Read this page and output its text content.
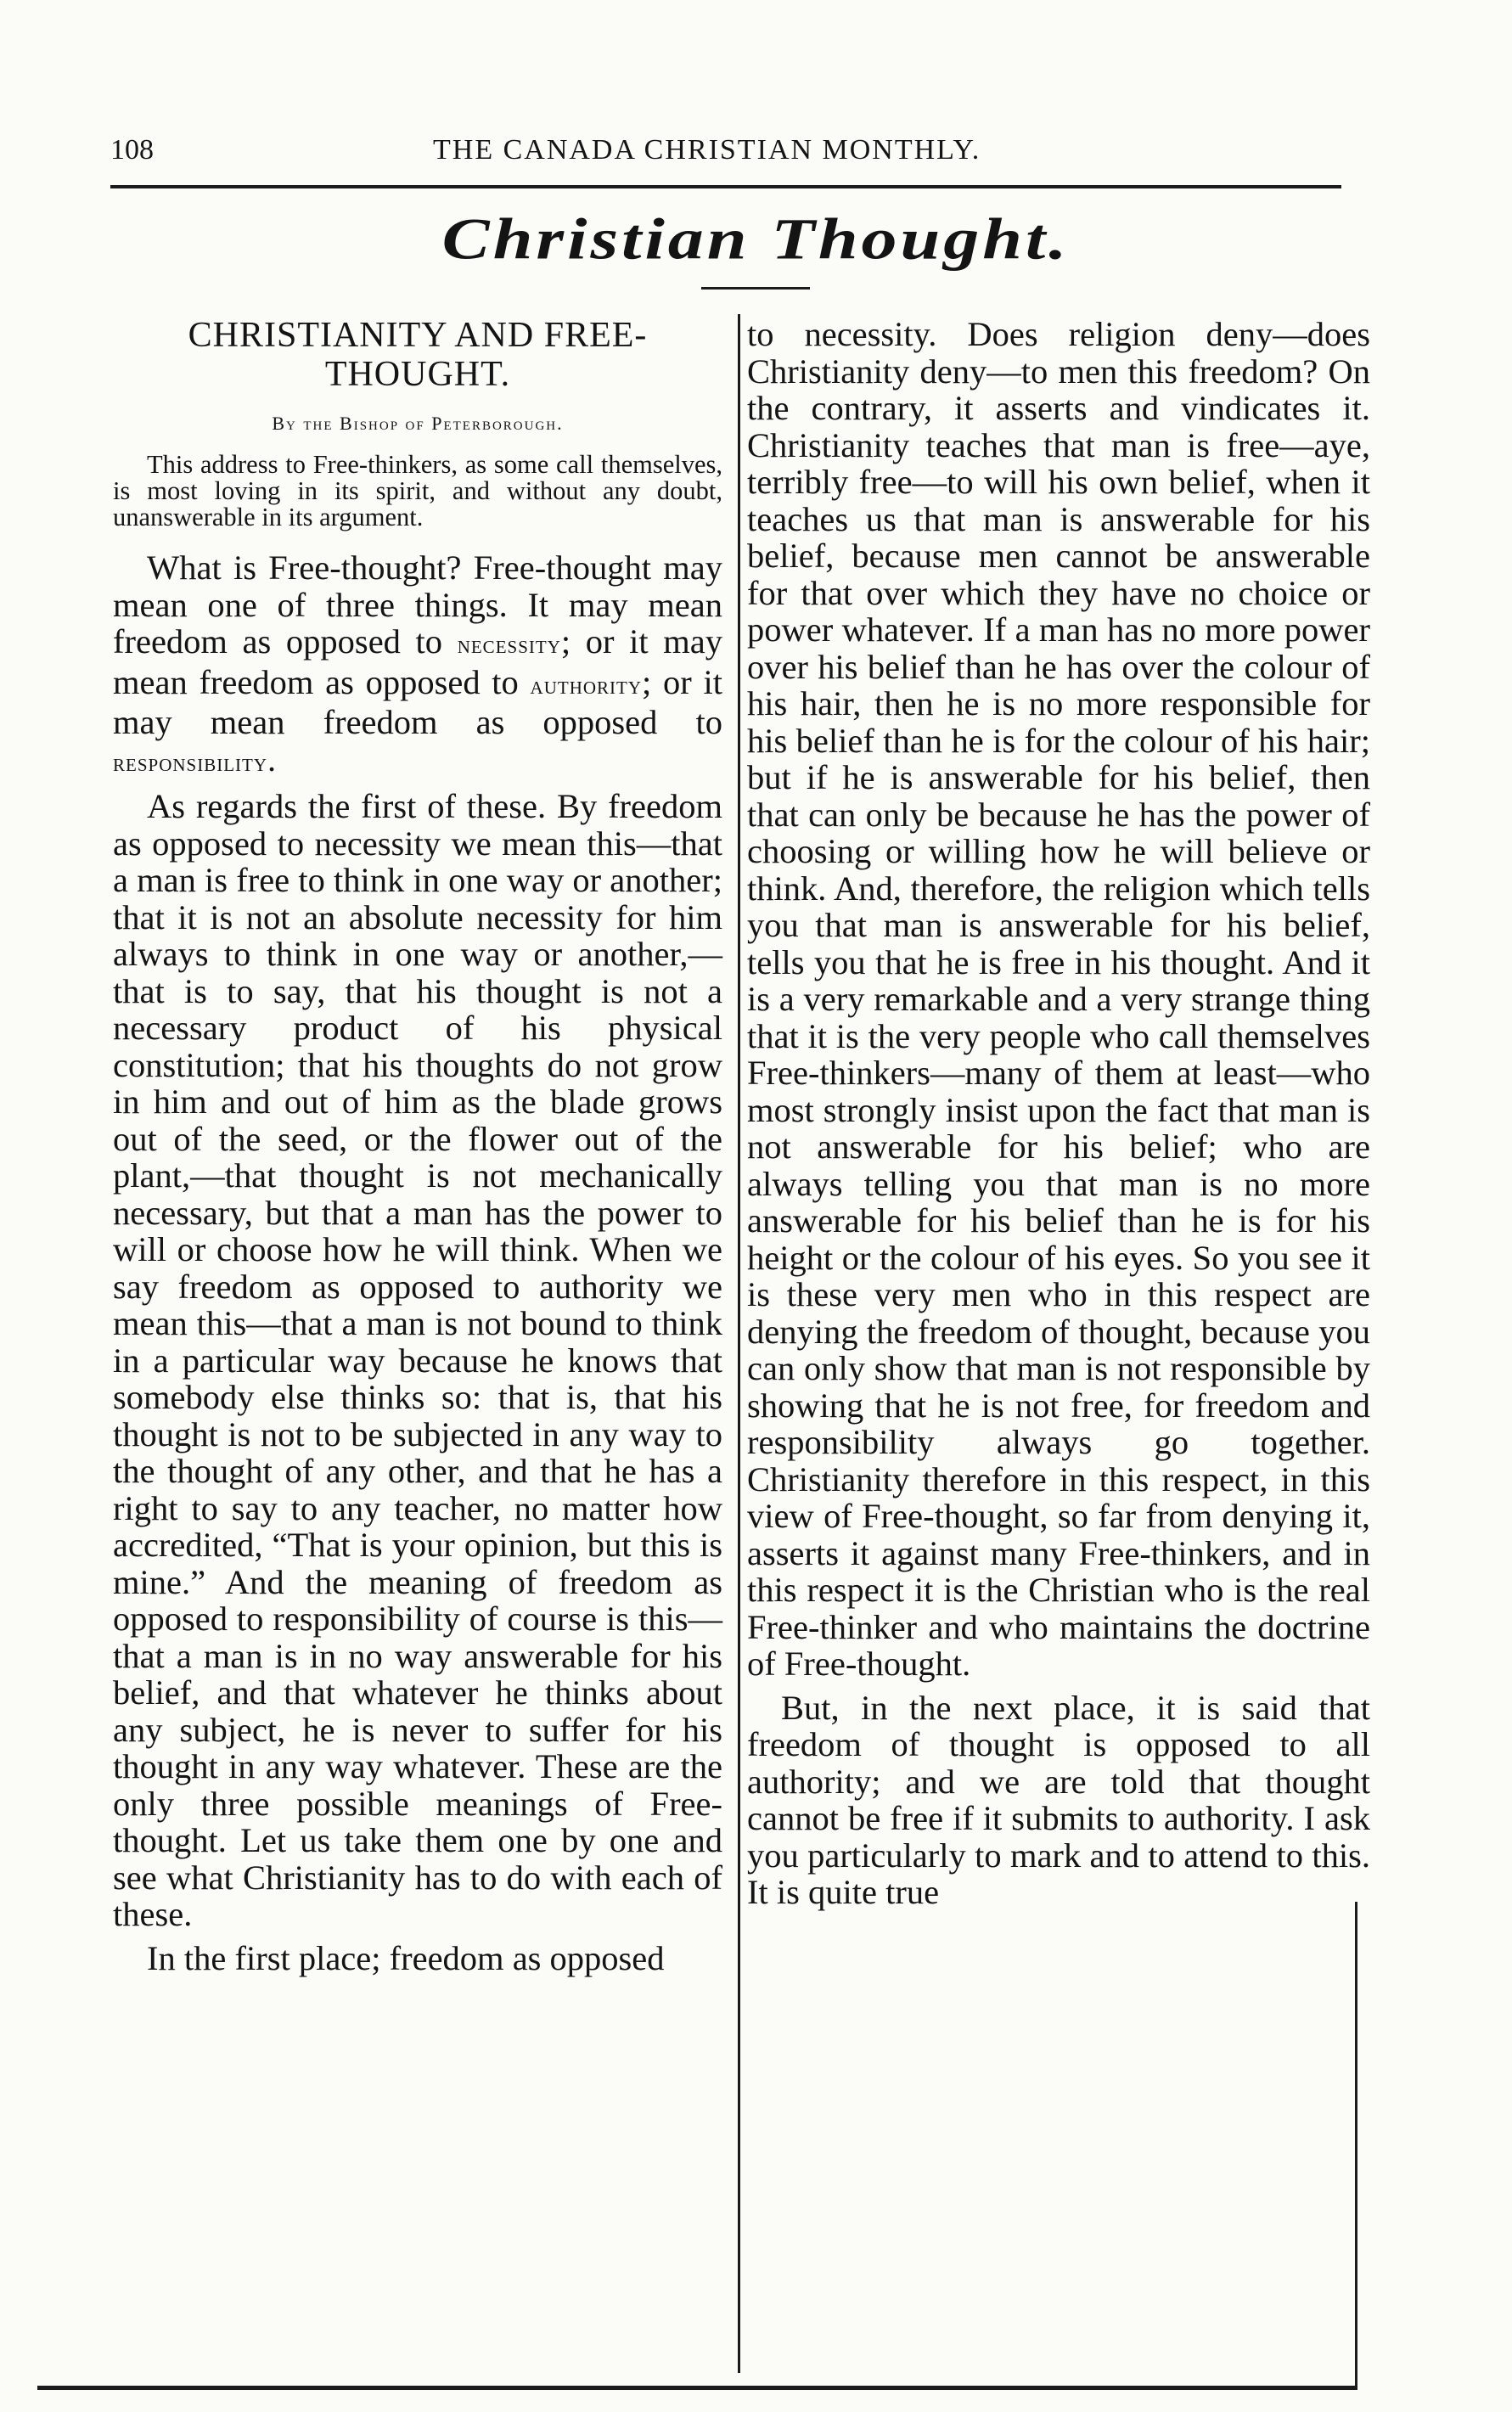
108	THE CANADA CHRISTIAN MONTHLY.
Christian Thought.
CHRISTIANITY AND FREE-THOUGHT.
By the Bishop of Peterborough.

This address to Free-thinkers, as some call themselves, is most loving in its spirit, and without any doubt, unanswerable in its argument.

What is Free-thought? Free-thought may mean one of three things. It may mean freedom as opposed to necessity; or it may mean freedom as opposed to authority; or it may mean freedom as opposed to responsibility.

As regards the first of these. By freedom as opposed to necessity we mean this—that a man is free to think in one way or another; that it is not an absolute necessity for him always to think in one way or another,—that is to say, that his thought is not a necessary product of his physical constitution; that his thoughts do not grow in him and out of him as the blade grows out of the seed, or the flower out of the plant,—that thought is not mechanically necessary, but that a man has the power to will or choose how he will think. When we say freedom as opposed to authority we mean this—that a man is not bound to think in a particular way because he knows that somebody else thinks so: that is, that his thought is not to be subjected in any way to the thought of any other, and that he has a right to say to any teacher, no matter how accredited, “That is your opinion, but this is mine.” And the meaning of freedom as opposed to responsibility of course is this—that a man is in no way answerable for his belief, and that whatever he thinks about any subject, he is never to suffer for his thought in any way whatever. These are the only three possible meanings of Free-thought. Let us take them one by one and see what Christianity has to do with each of these.

In the first place; freedom as opposed

to necessity. Does religion deny—does Christianity deny—to men this freedom? On the contrary, it asserts and vindicates it. Christianity teaches that man is free—aye, terribly free—to will his own belief, when it teaches us that man is answerable for his belief, because men cannot be answerable for that over which they have no choice or power whatever. If a man has no more power over his belief than he has over the colour of his hair, then he is no more responsible for his belief than he is for the colour of his hair; but if he is answerable for his belief, then that can only be because he has the power of choosing or willing how he will believe or think. And, therefore, the religion which tells you that man is answerable for his belief, tells you that he is free in his thought. And it is a very remarkable and a very strange thing that it is the very people who call themselves Free-thinkers—many of them at least—who most strongly insist upon the fact that man is not answerable for his belief; who are always telling you that man is no more answerable for his belief than he is for his height or the colour of his eyes. So you see it is these very men who in this respect are denying the freedom of thought, because you can only show that man is not responsible by showing that he is not free, for freedom and responsibility always go together. Christianity therefore in this respect, in this view of Free-thought, so far from denying it, asserts it against many Free-thinkers, and in this respect it is the Christian who is the real Free-thinker and who maintains the doctrine of Free-thought.

But, in the next place, it is said that freedom of thought is opposed to all authority; and we are told that thought cannot be free if it submits to authority. I ask you particularly to mark and to attend to this. It is quite true
